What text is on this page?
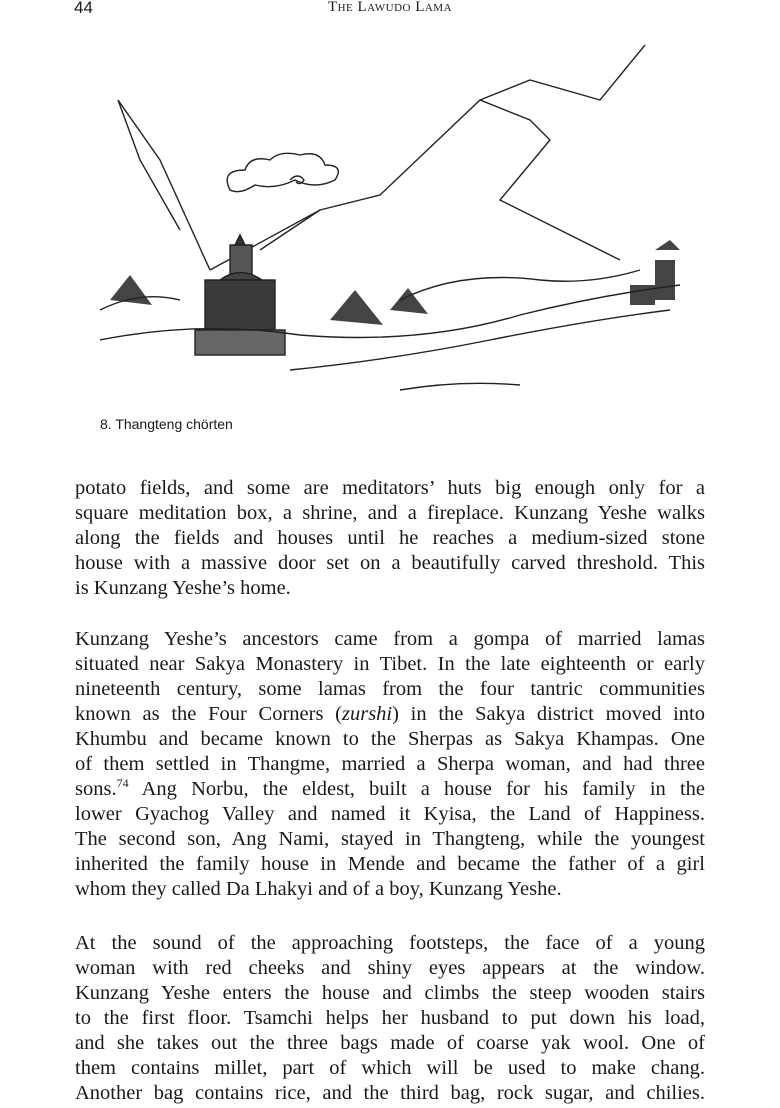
44	The Lawudo Lama
8. Thangteng chörten
potato fields, and some are meditators’ huts big enough only for a
square meditation box, a shrine, and a fireplace. Kunzang Yeshe walks
along the fields and houses until he reaches a medium-sized stone
house with a massive door set on a beautifully carved threshold. This
is Kunzang Yeshe’s home.
Kunzang Yeshe’s ancestors came from a gompa of married lamas
situated near Sakya Monastery in Tibet. In the late eighteenth or early
nineteenth century, some lamas from the four tantric communities
known as the Four Corners (zurshi) in the Sakya district moved into
Khumbu and became known to the Sherpas as Sakya Khampas. One
of them settled in Thangme, married a Sherpa woman, and had three
sons.$^{74}$ Ang Norbu, the eldest, built a house for his family in the
lower Gyachog Valley and named it Kyisa, the Land of Happiness.
The second son, Ang Nami, stayed in Thangteng, while the youngest
inherited the family house in Mende and became the father of a girl
whom they called Da Lhakyi and of a boy, Kunzang Yeshe.
At the sound of the approaching footsteps, the face of a young
woman with red cheeks and shiny eyes appears at the window.
Kunzang Yeshe enters the house and climbs the steep wooden stairs
to the first floor. Tsamchi helps her husband to put down his load,
and she takes out the three bags made of coarse yak wool. One of
them contains millet, part of which will be used to make chang.
Another bag contains rice, and the third bag, rock sugar, and chilies.
